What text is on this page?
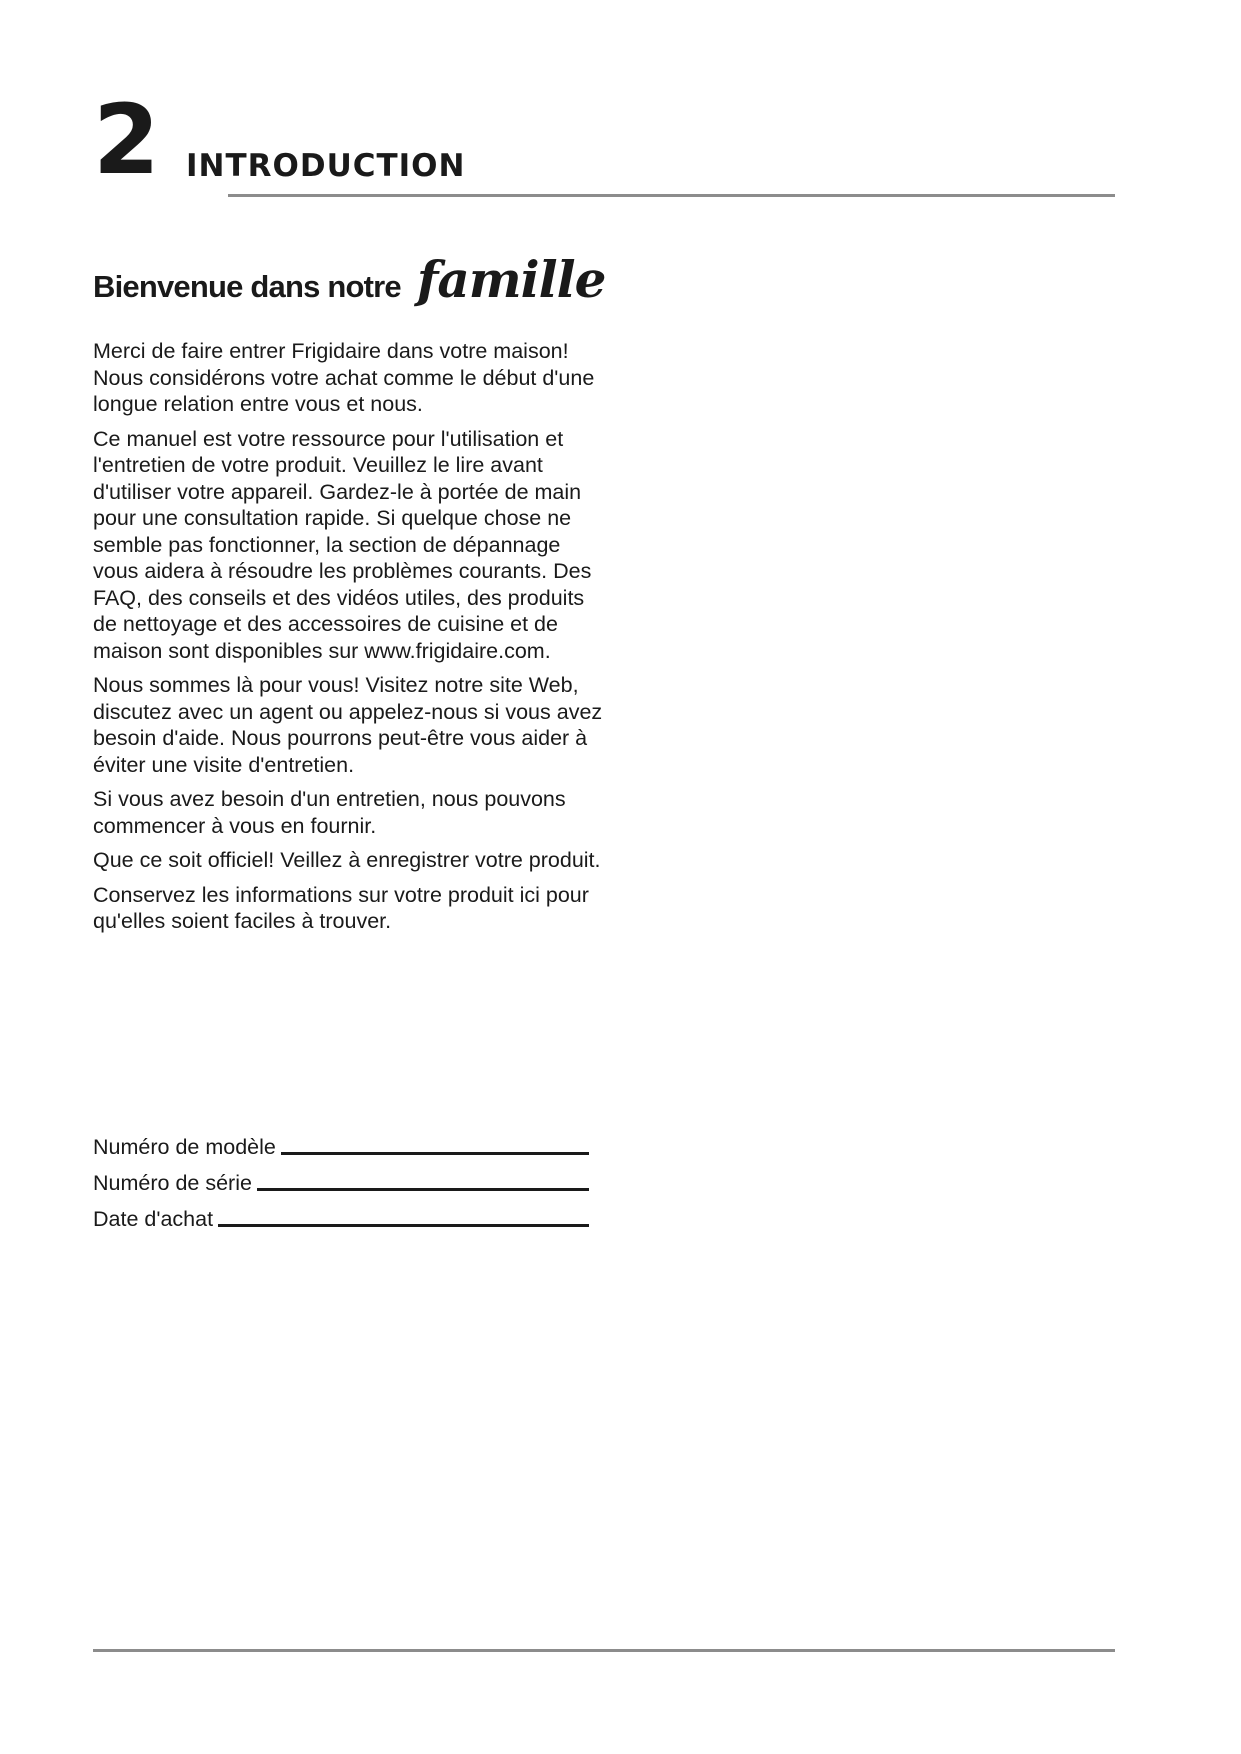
2 INTRODUCTION
Bienvenue dans notre famille

Merci de faire entrer Frigidaire dans votre maison! Nous considérons votre achat comme le début d'une longue relation entre vous et nous.

Ce manuel est votre ressource pour l'utilisation et l'entretien de votre produit. Veuillez le lire avant d'utiliser votre appareil. Gardez-le à portée de main pour une consultation rapide. Si quelque chose ne semble pas fonctionner, la section de dépannage vous aidera à résoudre les problèmes courants. Des FAQ, des conseils et des vidéos utiles, des produits de nettoyage et des accessoires de cuisine et de maison sont disponibles sur www.frigidaire.com.

Nous sommes là pour vous! Visitez notre site Web, discutez avec un agent ou appelez-nous si vous avez besoin d'aide. Nous pourrons peut-être vous aider à éviter une visite d'entretien.

Si vous avez besoin d'un entretien, nous pouvons commencer à vous en fournir.

Que ce soit officiel! Veillez à enregistrer votre produit.

Conservez les informations sur votre produit ici pour qu'elles soient faciles à trouver.

Numéro de modèle
Numéro de série
Date d'achat
